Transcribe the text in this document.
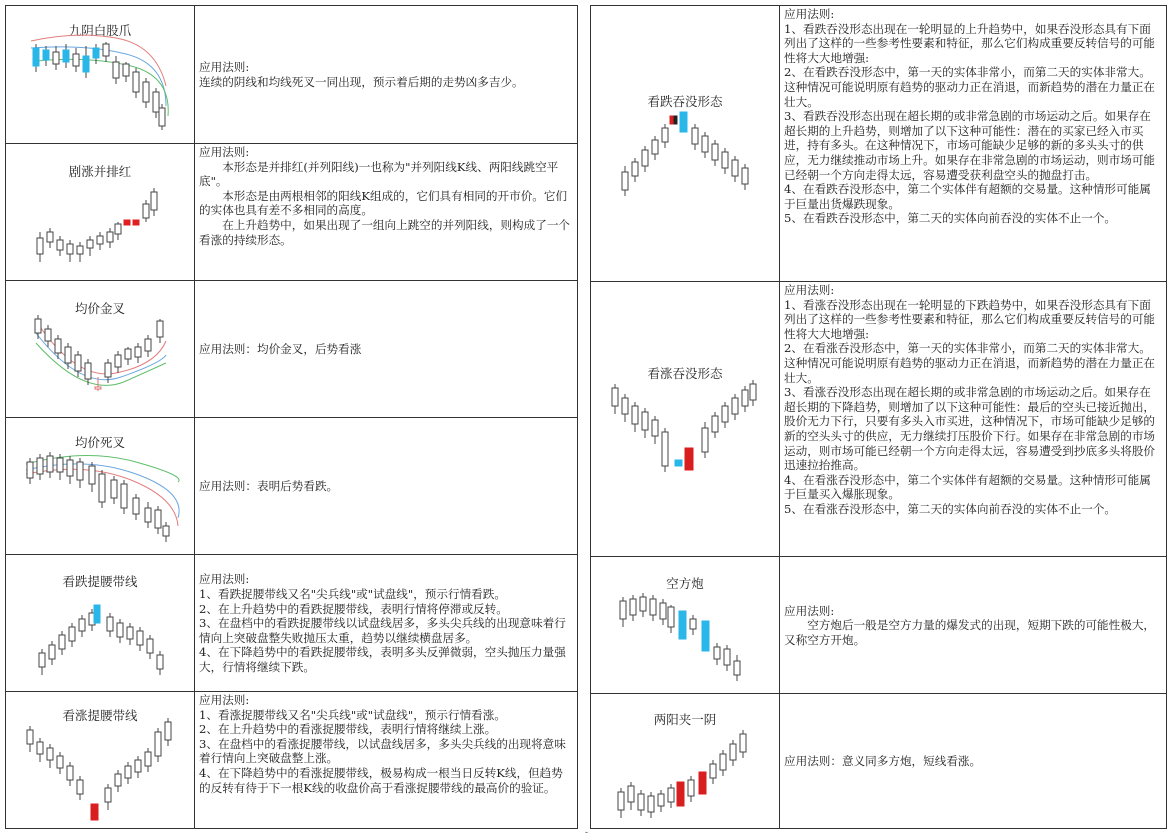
九阴白股爪
应用法则:
连续的阴线和均线死叉一同出现，预示着后期的走势凶多吉少。
剧涨并排红
应用法则:
本形态是并排红(并列阳线)一也称为"并列阳线K线、两阳线跳空平底"。
本形态是由两根相邻的阳线K组成的，它们具有相同的开市价。它们的实体也具有差不多相同的高度。
在上升趋势中，如果出现了一组向上跳空的并列阳线，则构成了一个看涨的持续形态。
均价金叉
应用法则：均价金叉，后势看涨
均价死叉
应用法则：表明后势看跌。
看跌提腰带线	应用法则:
1、看跌捉腰带线又名"尖兵线"或"试盘线"，预示行情看跌。
2、在上升趋势中的看跌捉腰带线，表明行情将停滞或反转。
3、在盘档中的看跌捉腰带线以试盘线居多，多头尖兵线的出现意味着行情向上突破盘整失败抛压太重，趋势以继续横盘居多。
4、在下降趋势中的看跌捉腰带线，表明多头反弹微弱，空头抛压力量强大，行情将继续下跌。
看涨提腰带线
应用法则:
1、看涨捉腰带线又名"尖兵线"或"试盘线"，预示行情看涨。
2、在上升趋势中的看涨捉腰带线，表明行情将继续上涨。
3、在盘档中的看涨捉腰带线，以试盘线居多，多头尖兵线的出现将意味着行情向上突破盘整上涨。
4、在下降趋势中的看涨捉腰带线，极易构成一根当日反转K线，但趋势的反转有待于下一根K线的收盘价高于看涨捉腰带线的最高价的验证。
看跌吞没形态
应用法则:
1、看跌吞没形态出现在一轮明显的上升趋势中，如果吞没形态具有下面列出了这样的一些参考性要素和特征，那么它们构成重要反转信号的可能性将大大地增强:
2、在看跌吞没形态中，第一天的实体非常小，而第二天的实体非常大。这种情况可能说明原有趋势的驱动力正在消退，而新趋势的潜在力量正在壮大。
3、看跌吞没形态出现在超长期的或非常急剧的市场运动之后。如果存在超长期的上升趋势，则增加了以下这种可能性：潜在的买家已经入市买进，持有多头。在这种情况下，市场可能缺少足够的新的多头头寸的供应，无力继续推动市场上升。如果存在非常急剧的市场运动，则市场可能已经朝一个方向走得太远，容易遭受获利盘空头的抛盘打击。
4、在看跌吞没形态中，第二个实体伴有超额的交易量。这种情形可能属于巨量出货爆跌现象。
5、在看跌吞没形态中，第二天的实体向前吞没的实体不止一个。
看涨吞没形态
应用法则:
1、看涨吞没形态出现在一轮明显的下跌趋势中，如果吞没形态具有下面列出了这样的一些参考性要素和特征，那么它们构成重要反转信号的可能性将大大地增强:
2、在看涨吞没形态中，第一天的实体非常小，而第二天的实体非常大。这种情况可能说明原有趋势的驱动力正在消退，而新趋势的潜在力量正在壮大。
3、看涨吞没形态出现在超长期的或非常急剧的市场运动之后。如果存在超长期的下降趋势，则增加了以下这种可能性：最后的空头已接近抛出，股价无力下行，只要有多头入市买进，这种情况下，市场可能缺少足够的新的空头头寸的供应，无力继续打压股价下行。如果存在非常急剧的市场运动，则市场可能已经朝一个方向走得太远，容易遭受到抄底多头将股价迅速拉抬推高。
4、在看涨吞没形态中，第二个实体伴有超额的交易量。这种情形可能属于巨量买入爆胀现象。
5、在看涨吞没形态中，第二天的实体向前吞没的实体不止一个。
空方炮
应用法则:
空方炮后一般是空方力量的爆发式的出现，短期下跌的可能性极大，又称空方开炮。
两阳夹一阴
应用法则：意义同多方炮，短线看涨。
-
